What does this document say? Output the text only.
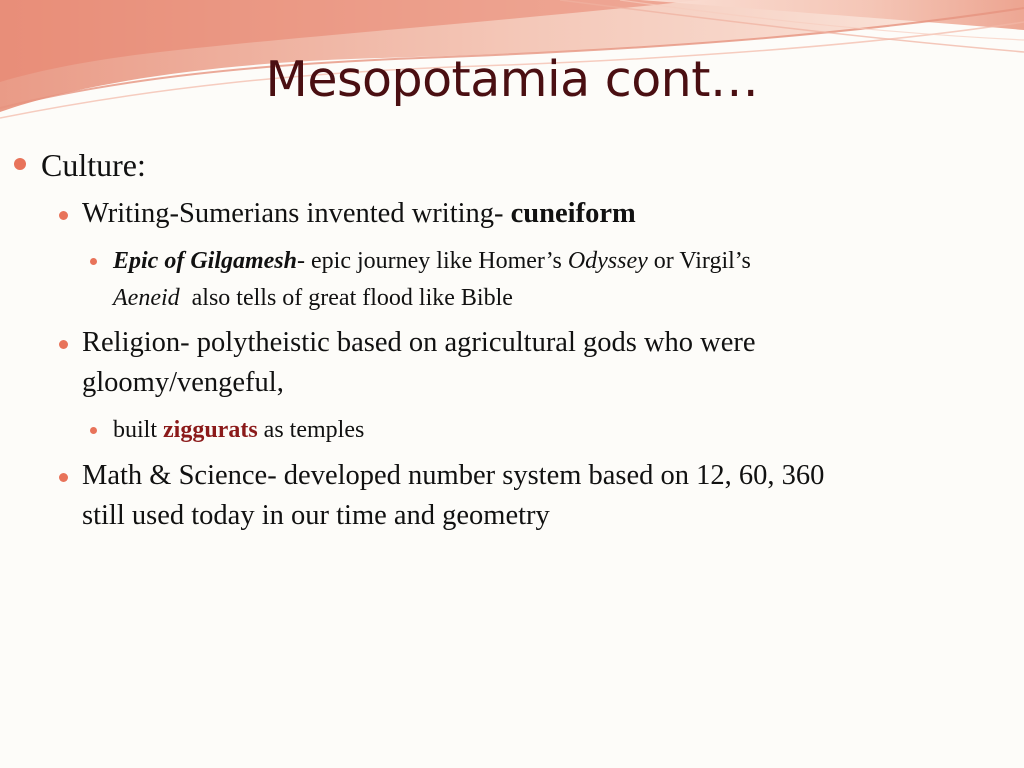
Mesopotamia cont…
Culture:
Writing-Sumerians invented writing- cuneiform
Epic of Gilgamesh- epic journey like Homer’s Odyssey or Virgil’s
Aeneid  also tells of great flood like Bible
Religion- polytheistic based on agricultural gods who were
gloomy/vengeful,
built ziggurats as temples
Math & Science- developed number system based on 12, 60, 360
still used today in our time and geometry
